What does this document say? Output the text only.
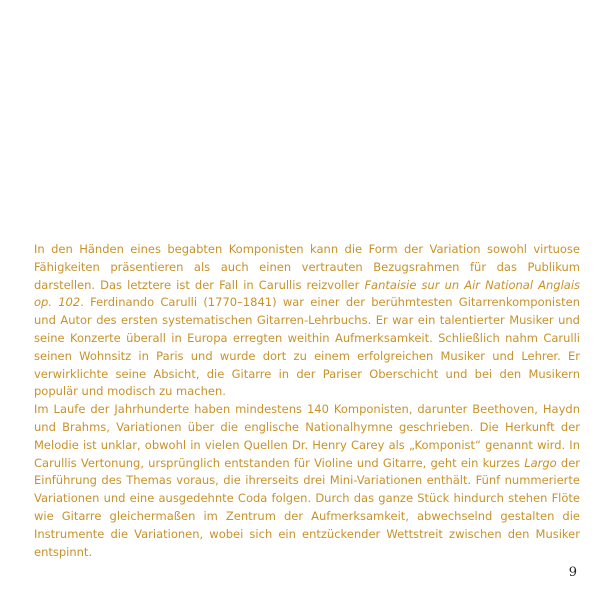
In den Händen eines begabten Komponisten kann die Form der Variation sowohl virtuose Fähigkeiten präsentieren als auch einen vertrauten Bezugsrahmen für das Publikum darstellen. Das letztere ist der Fall in Carullis reizvoller Fantaisie sur un Air National Anglais op. 102. Ferdinando Carulli (1770–1841) war einer der berühmtesten Gitarrenkomponisten und Autor des ersten systematischen Gitarren-Lehrbuchs. Er war ein talentierter Musiker und seine Konzerte überall in Europa erregten weithin Aufmerksamkeit. Schließlich nahm Carulli seinen Wohnsitz in Paris und wurde dort zu einem erfolgreichen Musiker und Lehrer. Er verwirklichte seine Absicht, die Gitarre in der Pariser Oberschicht und bei den Musikern populär und modisch zu machen.

Im Laufe der Jahrhunderte haben mindestens 140 Komponisten, darunter Beethoven, Haydn und Brahms, Variationen über die englische Nationalhymne geschrieben. Die Herkunft der Melodie ist unklar, obwohl in vielen Quellen Dr. Henry Carey als „Komponist“ genannt wird. In Carullis Vertonung, ursprünglich entstanden für Violine und Gitarre, geht ein kurzes Largo der Einführung des Themas voraus, die ihrerseits drei Mini-Variationen enthält. Fünf nummerierte Variationen und eine ausgedehnte Coda folgen. Durch das ganze Stück hindurch stehen Flöte wie Gitarre gleichermaßen im Zentrum der Aufmerksamkeit, abwechselnd gestalten die Instrumente die Variationen, wobei sich ein entzückender Wettstreit zwischen den Musiker entspinnt.

9
